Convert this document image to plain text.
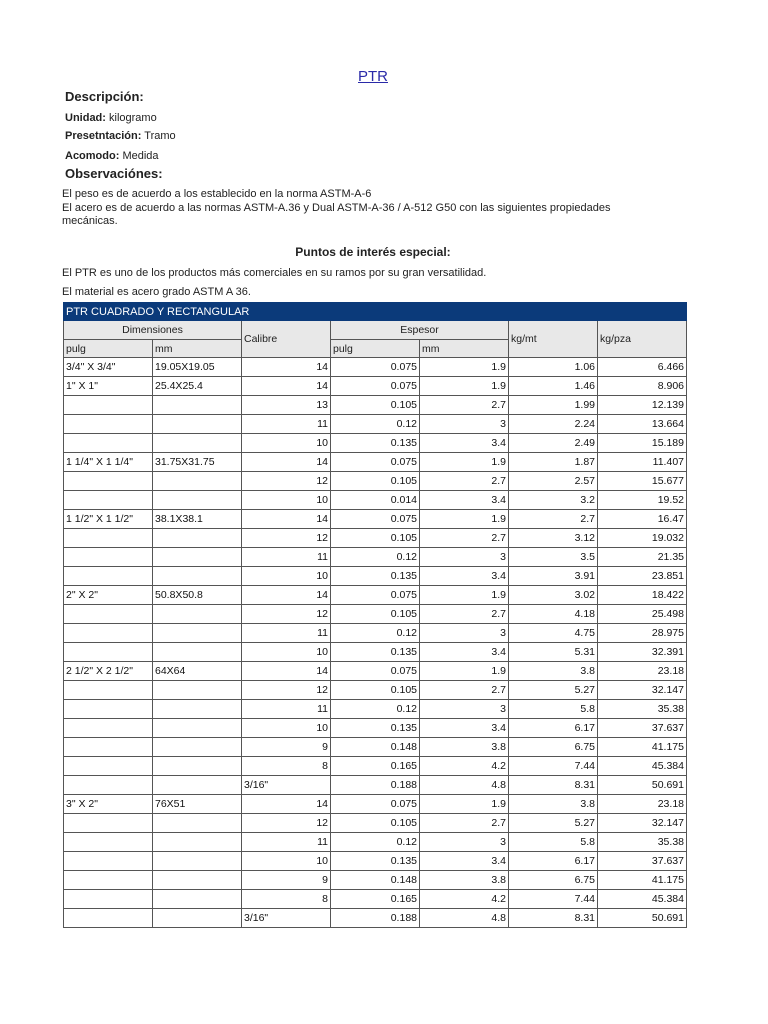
PTR
Descripción:
Unidad: kilogramo
Presetntación: Tramo
Acomodo: Medida
Observaciónes:
El peso es de acuerdo a los establecido en la norma ASTM-A-6
El acero es de acuerdo a las normas ASTM-A.36 y Dual ASTM-A-36 / A-512 G50 con las siguientes propiedades mecánicas.
Puntos de interés especial:
El PTR es uno de los productos más comerciales en su ramos por su gran versatilidad.
El material es acero grado ASTM A 36.
PTR CUADRADO Y RECTANGULAR						
Dimensiones		Calibre	Espesor		kg/mt	kg/pza
pulg	mm		pulg	mm		
3/4" X 3/4"	19.05X19.05	14	0.075	1.9	1.06	6.466
1" X 1"	25.4X25.4	14	0.075	1.9	1.46	8.906
		13	0.105	2.7	1.99	12.139
		11	0.12	3	2.24	13.664
		10	0.135	3.4	2.49	15.189
1 1/4" X 1 1/4"	31.75X31.75	14	0.075	1.9	1.87	11.407
		12	0.105	2.7	2.57	15.677
		10	0.014	3.4	3.2	19.52
1 1/2" X 1 1/2"	38.1X38.1	14	0.075	1.9	2.7	16.47
		12	0.105	2.7	3.12	19.032
		11	0.12	3	3.5	21.35
		10	0.135	3.4	3.91	23.851
2" X 2"	50.8X50.8	14	0.075	1.9	3.02	18.422
		12	0.105	2.7	4.18	25.498
		11	0.12	3	4.75	28.975
		10	0.135	3.4	5.31	32.391
2 1/2" X 2 1/2"	64X64	14	0.075	1.9	3.8	23.18
		12	0.105	2.7	5.27	32.147
		11	0.12	3	5.8	35.38
		10	0.135	3.4	6.17	37.637
		9	0.148	3.8	6.75	41.175
		8	0.165	4.2	7.44	45.384
		3/16"	0.188	4.8	8.31	50.691
3" X 2"	76X51	14	0.075	1.9	3.8	23.18
		12	0.105	2.7	5.27	32.147
		11	0.12	3	5.8	35.38
		10	0.135	3.4	6.17	37.637
		9	0.148	3.8	6.75	41.175
		8	0.165	4.2	7.44	45.384
		3/16"	0.188	4.8	8.31	50.691
